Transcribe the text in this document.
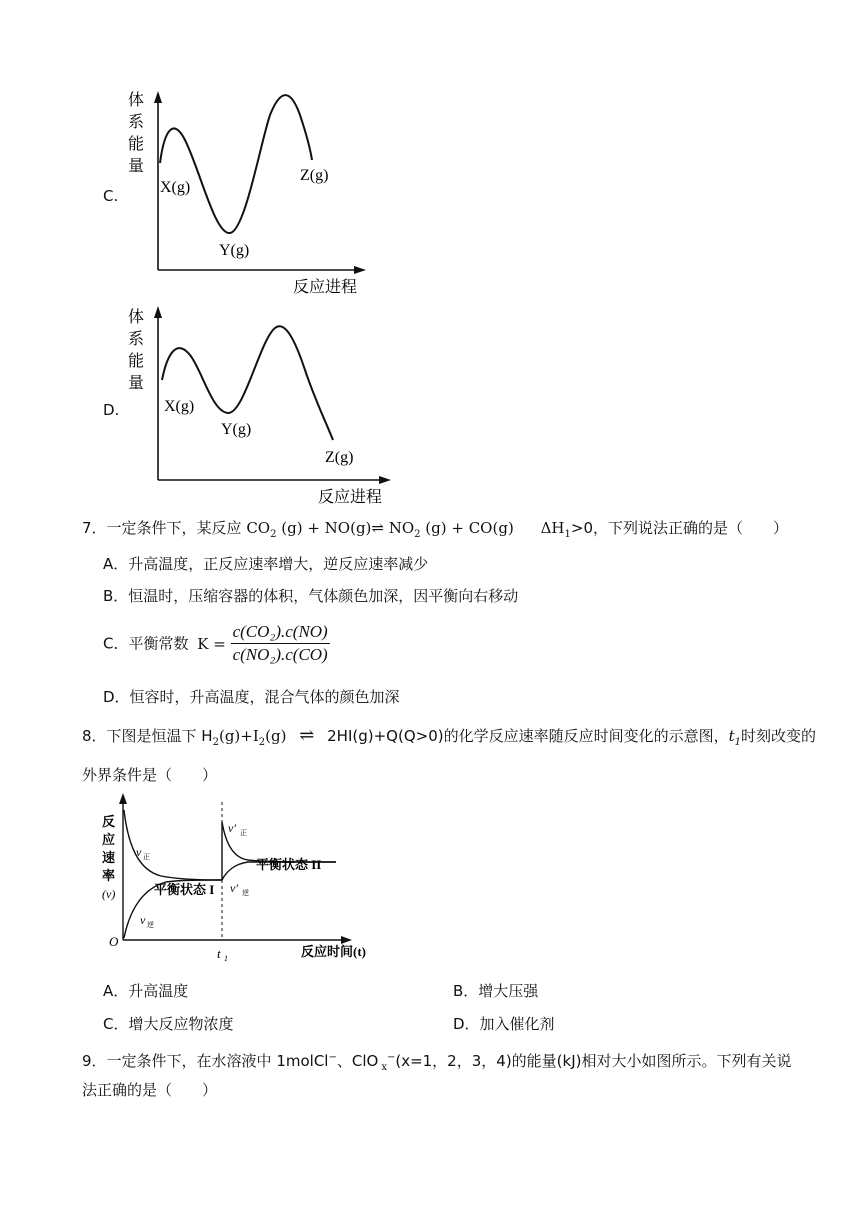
C.
体
系
能
量
X(g)
Y(g)
Z(g)
反应进程
D.
体
系
能
量
X(g)
Y(g)
Z(g)
反应进程
7．一定条件下，某反应 $CO_2$ (g) + NO(g)⇌ $NO_2$ (g) + CO(g) $\Delta H_1>0$，下列说法正确的是（　　）
A．升高温度，正反应速率增大，逆反应速率减少
B．恒温时，压缩容器的体积，气体颜色加深，因平衡向右移动
C．平衡常数 $K = \frac{\text{c(CO₂).c(NO)}}{\text{c(NO₂).c(CO)}}$
D．恒容时，升高温度，混合气体的颜色加深
8．下图是恒温下 $H_2(g)+I_2(g)$ ⇌ 2HI(g)+Q(Q>0)的化学反应速率随反应时间变化的示意图，$t_1$时刻改变的
外界条件是（　　）
反
应
速
率
(v)
O
t 1	反应时间(t)
v 正
v 逆
平衡状态 I
v′ 正
v′ 逆
平衡状态 II
A．升高温度	B．增大压强
C．增大反应物浓度	D．加入催化剂
9．一定条件下，在水溶液中 1molCl−、ClO $_x$−(x=1，2，3，4)的能量(kJ)相对大小如图所示。下列有关说
法正确的是（　　）
